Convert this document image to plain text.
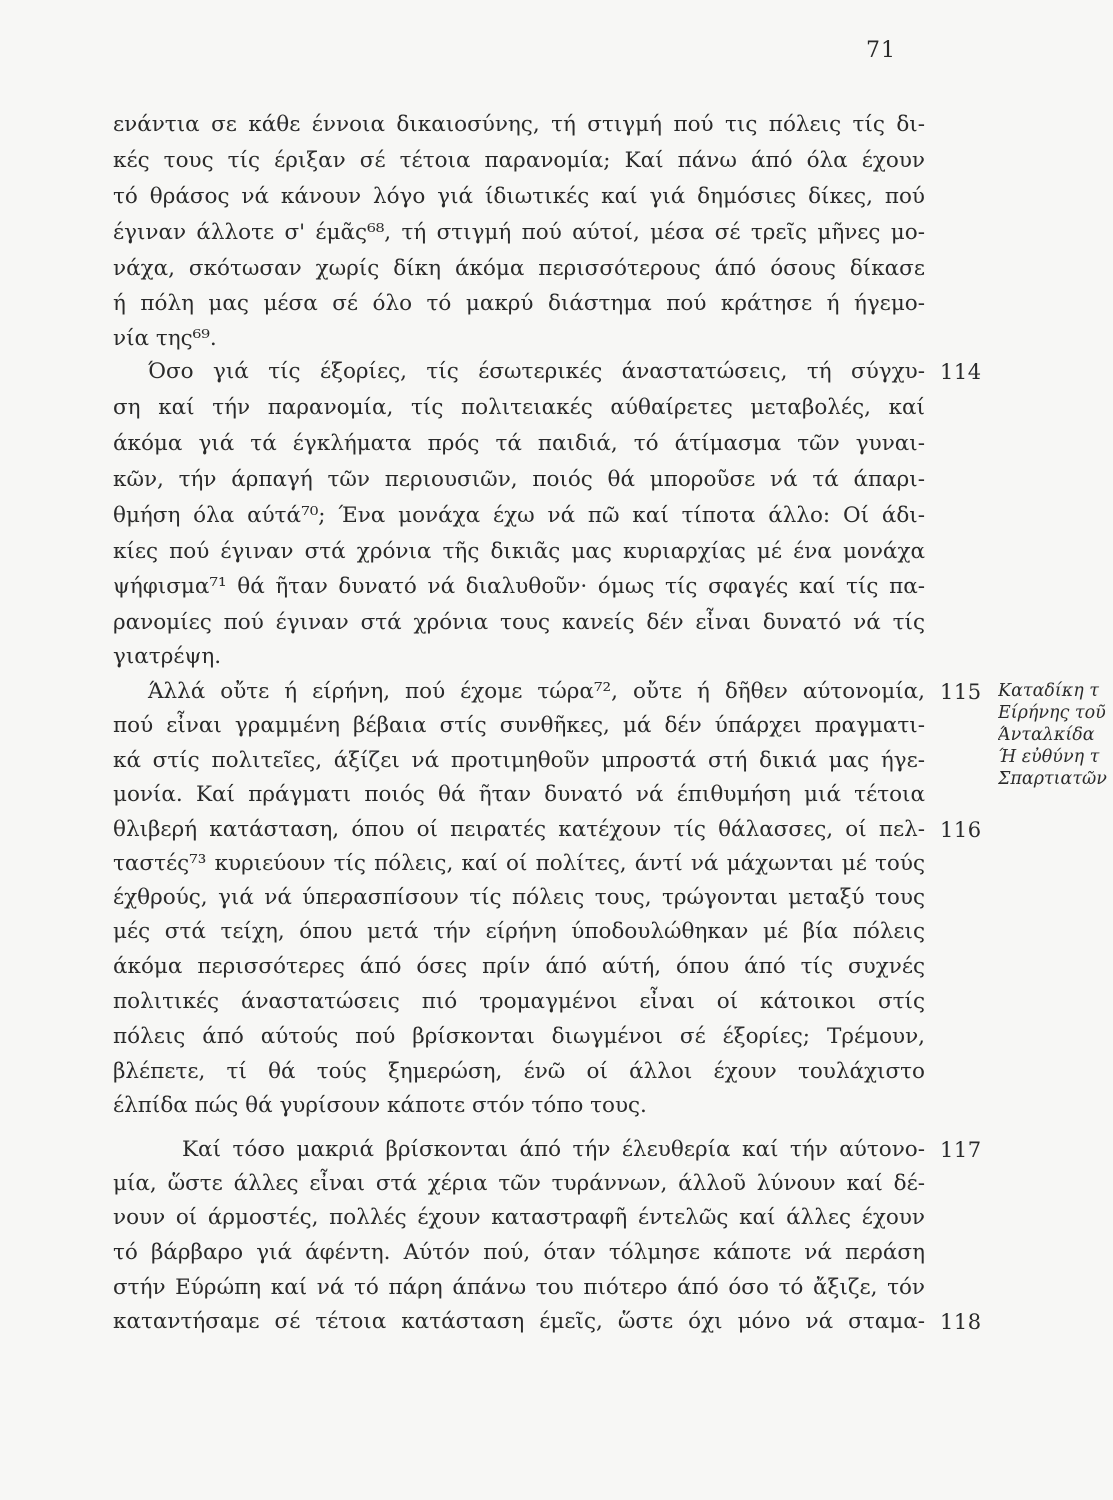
71
ενάντια σε κάθε έννοια δικαιοσύνης, τή στιγμή πού τις πόλεις τίς δι-
κές τους τίς έριξαν σέ τέτοια παρανομία; Καί πάνω άπό όλα έχουν
τό θράσος νά κάνουν λόγο γιά ίδιωτικές καί γιά δημόσιες δίκες, πού
έγιναν άλλοτε σ' έμᾶς⁶⁸, τή στιγμή πού αύτοί, μέσα σέ τρεῖς μῆνες μο-
νάχα, σκότωσαν χωρίς δίκη άκόμα περισσότερους άπό όσους δίκασε
ή πόλη μας μέσα σέ όλο τό μακρύ διάστημα πού κράτησε ή ήγεμο-
νία της⁶⁹.
Όσο γιά τίς έξορίες, τίς έσωτερικές άναστατώσεις, τή σύγχυ-
ση καί τήν παρανομία, τίς πολιτειακές αύθαίρετες μεταβολές, καί
άκόμα γιά τά έγκλήματα πρός τά παιδιά, τό άτίμασμα τῶν γυναι-
κῶν, τήν άρπαγή τῶν περιουσιῶν, ποιός θά μποροῦσε νά τά άπαρι-
θμήση όλα αύτά⁷⁰; Ένα μονάχα έχω νά πῶ καί τίποτα άλλο: Οί άδι-
κίες πού έγιναν στά χρόνια τῆς δικιᾶς μας κυριαρχίας μέ ένα μονάχα
ψήφισμα⁷¹ θά ῆταν δυνατό νά διαλυθοῦν· όμως τίς σφαγές καί τίς πα-
ρανομίες πού έγιναν στά χρόνια τους κανείς δέν εἶναι δυνατό νά τίς
γιατρέψη.
Άλλά οὔτε ή είρήνη, πού έχομε τώρα⁷², οὔτε ή δῆθεν αύτονομία,
πού εἶναι γραμμένη βέβαια στίς συνθῆκες, μά δέν ύπάρχει πραγματι-
κά στίς πολιτεῖες, άξίζει νά προτιμηθοῦν μπροστά στή δικιά μας ήγε-
μονία. Καί πράγματι ποιός θά ῆταν δυνατό νά έπιθυμήση μιά τέτοια
θλιβερή κατάσταση, όπου οί πειρατές κατέχουν τίς θάλασσες, οί πελ-
ταστές⁷³ κυριεύουν τίς πόλεις, καί οί πολίτες, άντί νά μάχωνται μέ τούς
έχθρούς, γιά νά ύπερασπίσουν τίς πόλεις τους, τρώγονται μεταξύ τους
μές στά τείχη, όπου μετά τήν είρήνη ύποδουλώθηκαν μέ βία πόλεις
άκόμα περισσότερες άπό όσες πρίν άπό αύτή, όπου άπό τίς συχνές
πολιτικές άναστατώσεις πιό τρομαγμένοι εἶναι οί κάτοικοι στίς
πόλεις άπό αύτούς πού βρίσκονται διωγμένοι σέ έξορίες; Τρέμουν,
βλέπετε, τί θά τούς ξημερώση, ένῶ οί άλλοι έχουν τουλάχιστο
έλπίδα πώς θά γυρίσουν κάποτε στόν τόπο τους.
Καί τόσο μακριά βρίσκονται άπό τήν έλευθερία καί τήν αύτονο-
μία, ὥστε άλλες εἶναι στά χέρια τῶν τυράννων, άλλοῦ λύνουν καί δέ-
νουν οί άρμοστές, πολλές έχουν καταστραφῆ έντελῶς καί άλλες έχουν
τό βάρβαρο γιά άφέντη. Αύτόν πού, όταν τόλμησε κάποτε νά περάση
στήν Εύρώπη καί νά τό πάρη άπάνω του πιότερο άπό όσο τό ἄξιζε, τόν
καταντήσαμε σέ τέτοια κατάσταση έμεῖς, ὥστε όχι μόνο νά σταμα-
114
115
116
117
118
Καταδίκη τ
Είρήνης τοῦ
Άνταλκίδα
Ή εὐθύνη τ
Σπαρτιατῶν
